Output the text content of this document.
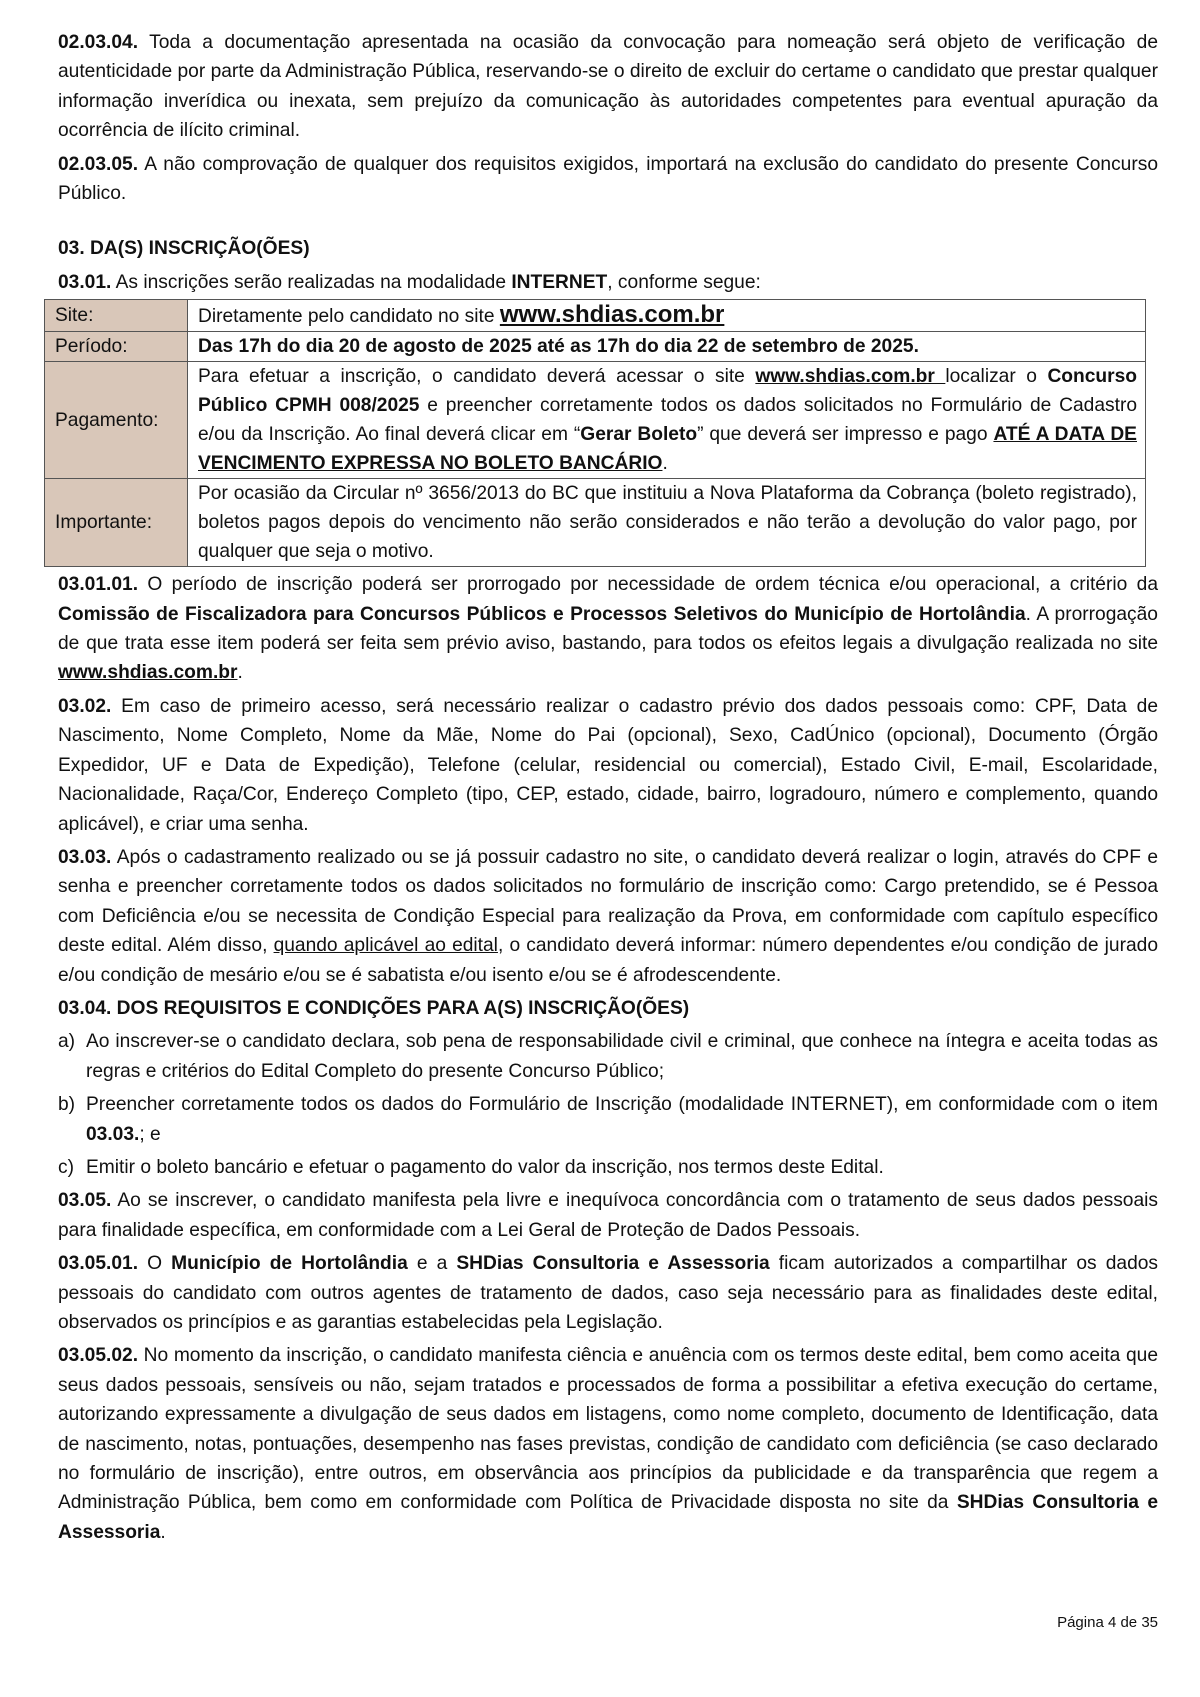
02.03.04. Toda a documentação apresentada na ocasião da convocação para nomeação será objeto de verificação de autenticidade por parte da Administração Pública, reservando-se o direito de excluir do certame o candidato que prestar qualquer informação inverídica ou inexata, sem prejuízo da comunicação às autoridades competentes para eventual apuração da ocorrência de ilícito criminal.

02.03.05. A não comprovação de qualquer dos requisitos exigidos, importará na exclusão do candidato do presente Concurso Público.

03. DA(S) INSCRIÇÃO(ÕES)

03.01. As inscrições serão realizadas na modalidade INTERNET, conforme segue:

Site:	Diretamente pelo candidato no site www.shdias.com.br
Período:	Das 17h do dia 20 de agosto de 2025 até as 17h do dia 22 de setembro de 2025.
Pagamento:	Para efetuar a inscrição, o candidato deverá acessar o site www.shdias.com.br localizar o Concurso Público CPMH 008/2025 e preencher corretamente todos os dados solicitados no Formulário de Cadastro e/ou da Inscrição. Ao final deverá clicar em “Gerar Boleto” que deverá ser impresso e pago ATÉ A DATA DE VENCIMENTO EXPRESSA NO BOLETO BANCÁRIO.
Importante:	Por ocasião da Circular nº 3656/2013 do BC que instituiu a Nova Plataforma da Cobrança (boleto registrado), boletos pagos depois do vencimento não serão considerados e não terão a devolução do valor pago, por qualquer que seja o motivo.

03.01.01. O período de inscrição poderá ser prorrogado por necessidade de ordem técnica e/ou operacional, a critério da Comissão de Fiscalizadora para Concursos Públicos e Processos Seletivos do Município de Hortolândia. A prorrogação de que trata esse item poderá ser feita sem prévio aviso, bastando, para todos os efeitos legais a divulgação realizada no site www.shdias.com.br.

03.02. Em caso de primeiro acesso, será necessário realizar o cadastro prévio dos dados pessoais como: CPF, Data de Nascimento, Nome Completo, Nome da Mãe, Nome do Pai (opcional), Sexo, CadÚnico (opcional), Documento (Órgão Expedidor, UF e Data de Expedição), Telefone (celular, residencial ou comercial), Estado Civil, E-mail, Escolaridade, Nacionalidade, Raça/Cor, Endereço Completo (tipo, CEP, estado, cidade, bairro, logradouro, número e complemento, quando aplicável), e criar uma senha.

03.03. Após o cadastramento realizado ou se já possuir cadastro no site, o candidato deverá realizar o login, através do CPF e senha e preencher corretamente todos os dados solicitados no formulário de inscrição como: Cargo pretendido, se é Pessoa com Deficiência e/ou se necessita de Condição Especial para realização da Prova, em conformidade com capítulo específico deste edital. Além disso, quando aplicável ao edital, o candidato deverá informar: número dependentes e/ou condição de jurado e/ou condição de mesário e/ou se é sabatista e/ou isento e/ou se é afrodescendente.

03.04. DOS REQUISITOS E CONDIÇÕES PARA A(S) INSCRIÇÃO(ÕES)

a) Ao inscrever-se o candidato declara, sob pena de responsabilidade civil e criminal, que conhece na íntegra e aceita todas as regras e critérios do Edital Completo do presente Concurso Público;
b) Preencher corretamente todos os dados do Formulário de Inscrição (modalidade INTERNET), em conformidade com o item 03.03.; e
c) Emitir o boleto bancário e efetuar o pagamento do valor da inscrição, nos termos deste Edital.

03.05. Ao se inscrever, o candidato manifesta pela livre e inequívoca concordância com o tratamento de seus dados pessoais para finalidade específica, em conformidade com a Lei Geral de Proteção de Dados Pessoais.

03.05.01. O Município de Hortolândia e a SHDias Consultoria e Assessoria ficam autorizados a compartilhar os dados pessoais do candidato com outros agentes de tratamento de dados, caso seja necessário para as finalidades deste edital, observados os princípios e as garantias estabelecidas pela Legislação.

03.05.02. No momento da inscrição, o candidato manifesta ciência e anuência com os termos deste edital, bem como aceita que seus dados pessoais, sensíveis ou não, sejam tratados e processados de forma a possibilitar a efetiva execução do certame, autorizando expressamente a divulgação de seus dados em listagens, como nome completo, documento de Identificação, data de nascimento, notas, pontuações, desempenho nas fases previstas, condição de candidato com deficiência (se caso declarado no formulário de inscrição), entre outros, em observância aos princípios da publicidade e da transparência que regem a Administração Pública, bem como em conformidade com Política de Privacidade disposta no site da SHDias Consultoria e Assessoria.

Página 4 de 35
